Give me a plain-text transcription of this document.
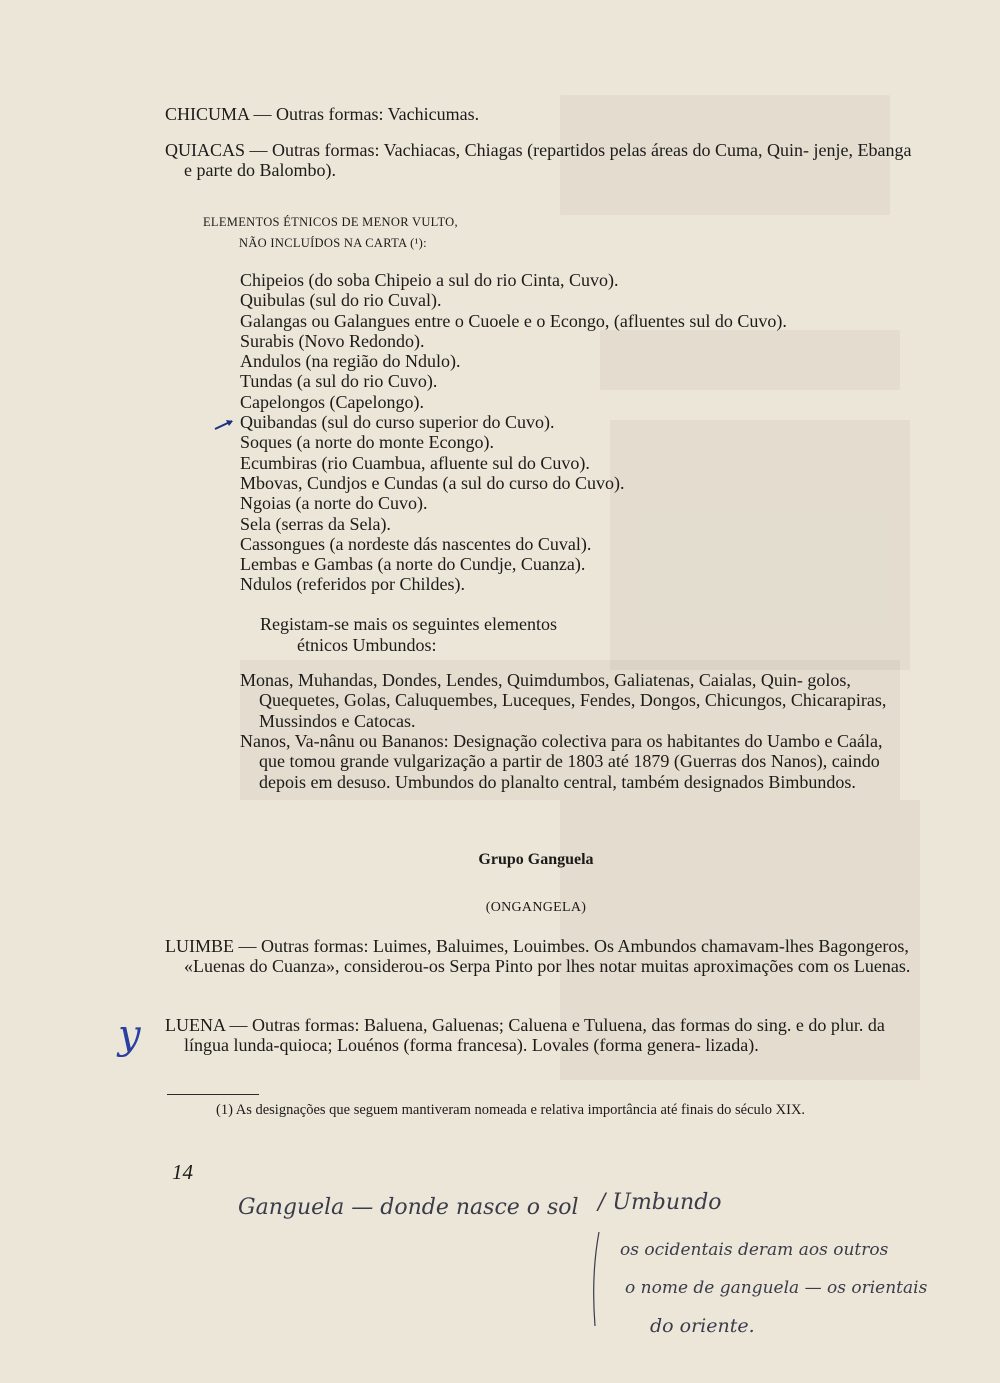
CHICUMA — Outras formas: Vachicumas.
QUIACAS — Outras formas: Vachiacas, Chiagas (repartidos pelas áreas do Cuma, Quin- jenje, Ebanga e parte do Balombo).
ELEMENTOS ÉTNICOS DE MENOR VULTO,
NÃO INCLUÍDOS NA CARTA (¹):
Chipeios (do soba Chipeio a sul do rio Cinta, Cuvo).
Quibulas (sul do rio Cuval).
Galangas ou Galangues entre o Cuoele e o Econgo, (afluentes sul do Cuvo).
Surabis (Novo Redondo).
Andulos (na região do Ndulo).
Tundas (a sul do rio Cuvo).
Capelongos (Capelongo).
Quibandas (sul do curso superior do Cuvo).
Soques (a norte do monte Econgo).
Ecumbiras (rio Cuambua, afluente sul do Cuvo).
Mbovas, Cundjos e Cundas (a sul do curso do Cuvo).
Ngoias (a norte do Cuvo).
Sela (serras da Sela).
Cassongues (a nordeste dás nascentes do Cuval).
Lembas e Gambas (a norte do Cundje, Cuanza).
Ndulos (referidos por Childes).
Registam-se mais os seguintes elementos
étnicos Umbundos:
Monas, Muhandas, Dondes, Lendes, Quimdumbos, Galiatenas, Caialas, Quin- golos, Quequetes, Golas, Caluquembes, Luceques, Fendes, Dongos, Chicungos, Chicarapiras, Mussindos e Catocas.
Nanos, Va-nânu ou Bananos: Designação colectiva para os habitantes do Uambo e Caála, que tomou grande vulgarização a partir de 1803 até 1879 (Guerras dos Nanos), caindo depois em desuso. Umbundos do planalto central, também designados Bimbundos.
Grupo Ganguela
(ONGANGELA)
LUIMBE — Outras formas: Luimes, Baluimes, Louimbes. Os Ambundos chamavam-lhes Bagongeros, «Luenas do Cuanza», considerou-os Serpa Pinto por lhes notar muitas aproximações com os Luenas.
LUENA — Outras formas: Baluena, Galuenas; Caluena e Tuluena, das formas do sing. e do plur. da língua lunda-quioca; Louénos (forma francesa). Lovales (forma genera- lizada).
y
(1) As designações que seguem mantiveram nomeada e relativa importância até finais do século XIX.
14
Ganguela — donde nasce o sol / Umbundo
os ocidentais deram aos outros
o nome de ganguela — os orientais
do oriente.
